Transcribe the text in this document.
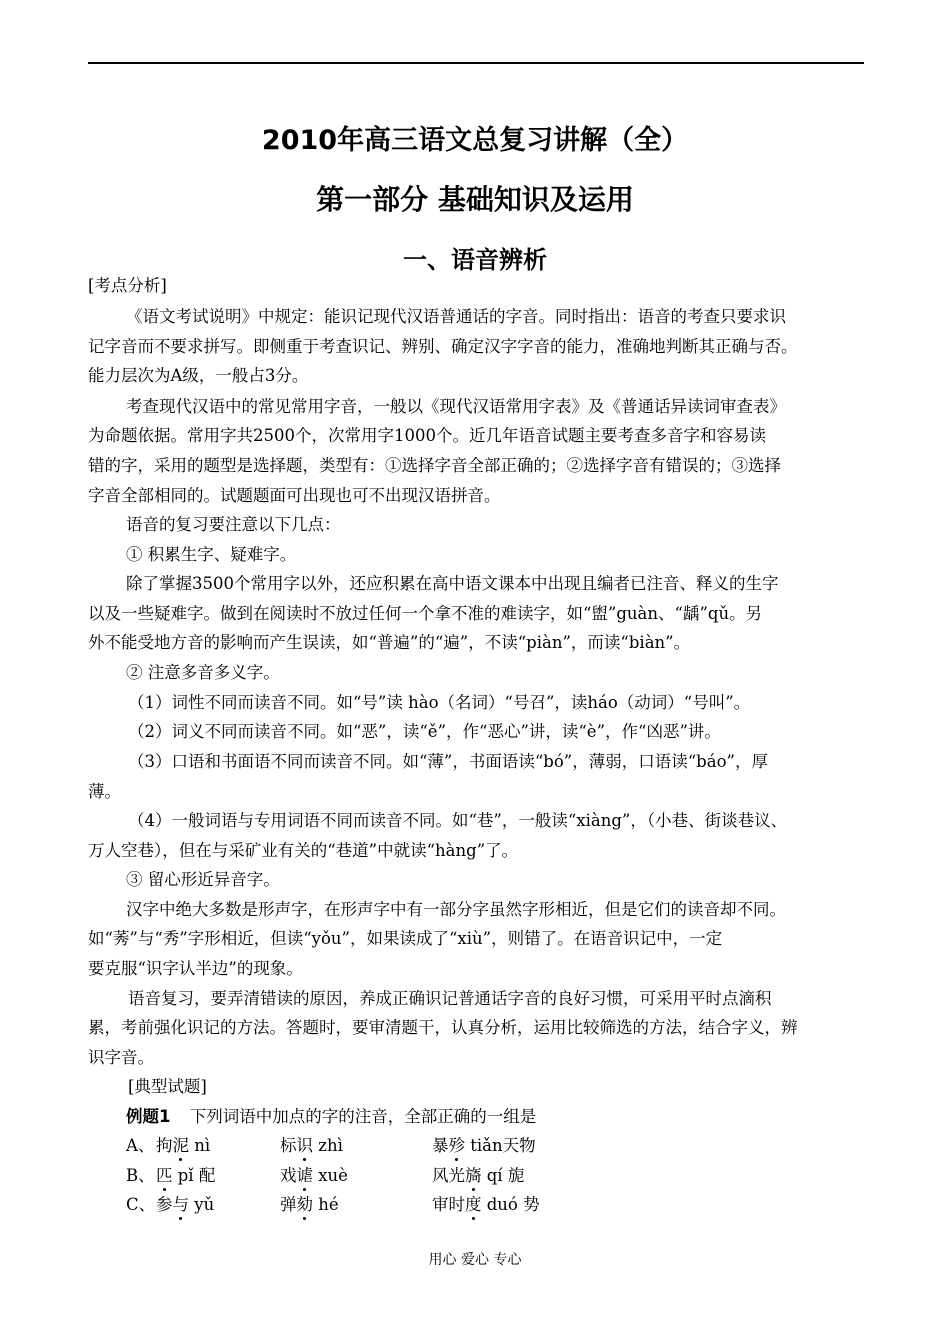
2010年高三语文总复习讲解（全）
第一部分 基础知识及运用
一、语音辨析
[考点分析]
《语文考试说明》中规定：能识记现代汉语普通话的字音。同时指出：语音的考查只要求识
记字音而不要求拼写。即侧重于考查识记、辨别、确定汉字字音的能力，准确地判断其正确与否。
能力层次为A级，一般占3分。
考查现代汉语中的常见常用字音，一般以《现代汉语常用字表》及《普通话异读词审查表》
为命题依据。常用字共2500个，次常用字1000个。近几年语音试题主要考查多音字和容易读
错的字，采用的题型是选择题，类型有：①选择字音全部正确的；②选择字音有错误的；③选择
字音全部相同的。试题题面可出现也可不出现汉语拼音。
语音的复习要注意以下几点：
① 积累生字、疑难字。
除了掌握3500个常用字以外，还应积累在高中语文课本中出现且编者已注音、释义的生字
以及一些疑难字。做到在阅读时不放过任何一个拿不准的难读字，如“盥”guàn、“龋”qǔ。另
外不能受地方音的影响而产生误读，如“普遍”的“遍”，不读“piàn”，而读“biàn”。
② 注意多音多义字。
（1）词性不同而读音不同。如“号”读 hào（名词）“号召”，读háo（动词）“号叫”。
（2）词义不同而读音不同。如“恶”，读“ě”，作“恶心”讲，读“è”，作“凶恶”讲。
（3）口语和书面语不同而读音不同。如“薄”，书面语读“bó”，薄弱，口语读“báo”，厚
薄。
（4）一般词语与专用词语不同而读音不同。如“巷”，一般读“xiàng”，（小巷、街谈巷议、
万人空巷），但在与采矿业有关的“巷道”中就读“hàng”了。
③ 留心形近异音字。
汉字中绝大多数是形声字，在形声字中有一部分字虽然字形相近，但是它们的读音却不同。
如“莠”与“秀”字形相近，但读“yǒu”，如果读成了“xiù”，则错了。在语音识记中，一定
要克服“识字认半边”的现象。
语音复习，要弄清错读的原因，养成正确识记普通话字音的良好习惯，可采用平时点滴积
累，考前强化识记的方法。答题时，要审清题干，认真分析，运用比较筛选的方法，结合字义，辨
识字音。
[典型试题]
例题1 下列词语中加点的字的注音，全部正确的一组是
A、 拘泥 nì	标识 zhì	暴殄 tiǎn天物
B、 匹 pǐ 配	戏谑 xuè	风光旖 qí 旎
C、 参与 yǔ	弹劾 hé	审时度 duó 势
用心 爱心 专心
